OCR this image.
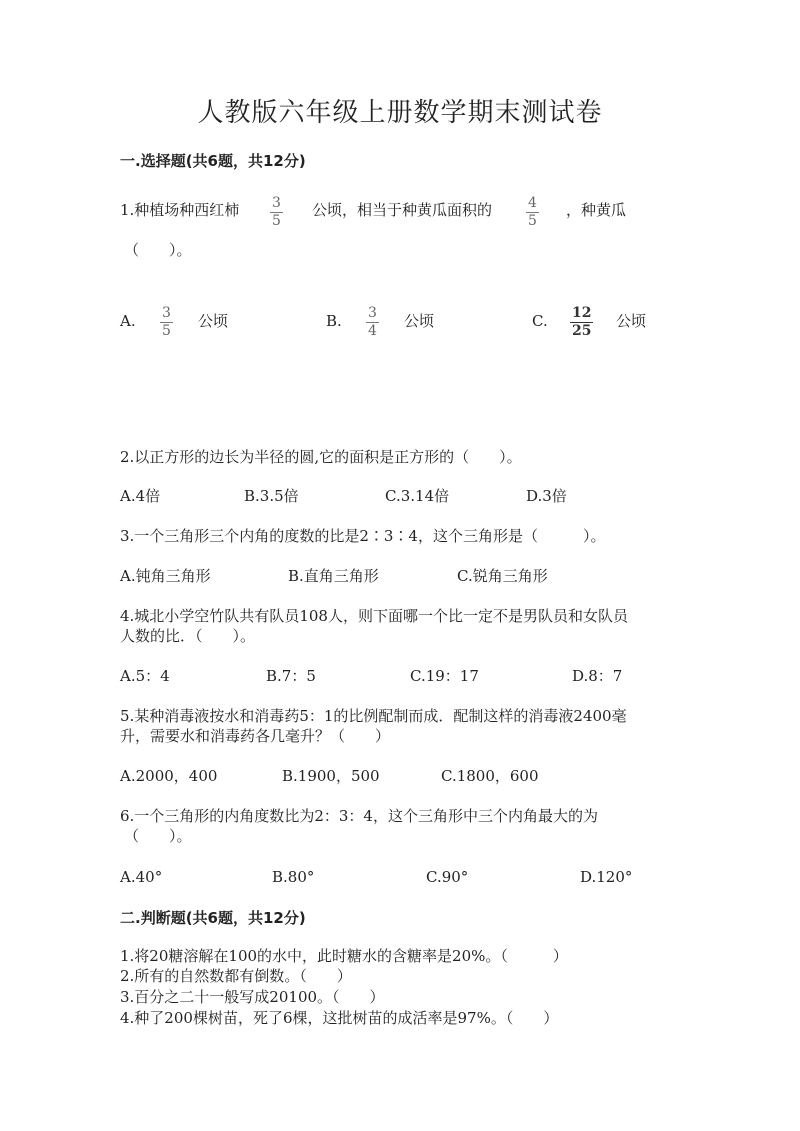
人教版六年级上册数学期末测试卷
一.选择题(共6题，共12分)
1.种植场种西红柿 $\frac{3}{5}$ 公顷，相当于种黄瓜面积的 $\frac{4}{5}$ ，种黄瓜
（　　）。
A. $\frac{3}{5}$ 公顷	B. $\frac{3}{4}$ 公顷	C. $\frac{12}{25}$ 公顷
2.以正方形的边长为半径的圆,它的面积是正方形的（　　）。
A.4倍	B.3.5倍	C.3.14倍	D.3倍
3.一个三角形三个内角的度数的比是2∶3∶4，这个三角形是（　　　）。
A.钝角三角形	B.直角三角形	C.锐角三角形
4.城北小学空竹队共有队员108人，则下面哪一个比一定不是男队员和女队员
人数的比．（　　）。
A.5：4	B.7：5	C.19：17	D.8：7
5.某种消毒液按水和消毒药5：1的比例配制而成．配制这样的消毒液2400毫
升，需要水和消毒药各几毫升？（　　）
A.2000，400	B.1900，500	C.1800，600
6.一个三角形的内角度数比为2：3：4，这个三角形中三个内角最大的为
（　　）。
A.40°	B.80°	C.90°	D.120°
二.判断题(共6题，共12分)
1.将20糖溶解在100的水中，此时糖水的含糖率是20%。（　　　）
2.所有的自然数都有倒数。（　　）
3.百分之二十一般写成20100。（　　）
4.种了200棵树苗，死了6棵，这批树苗的成活率是97%。（　　）
